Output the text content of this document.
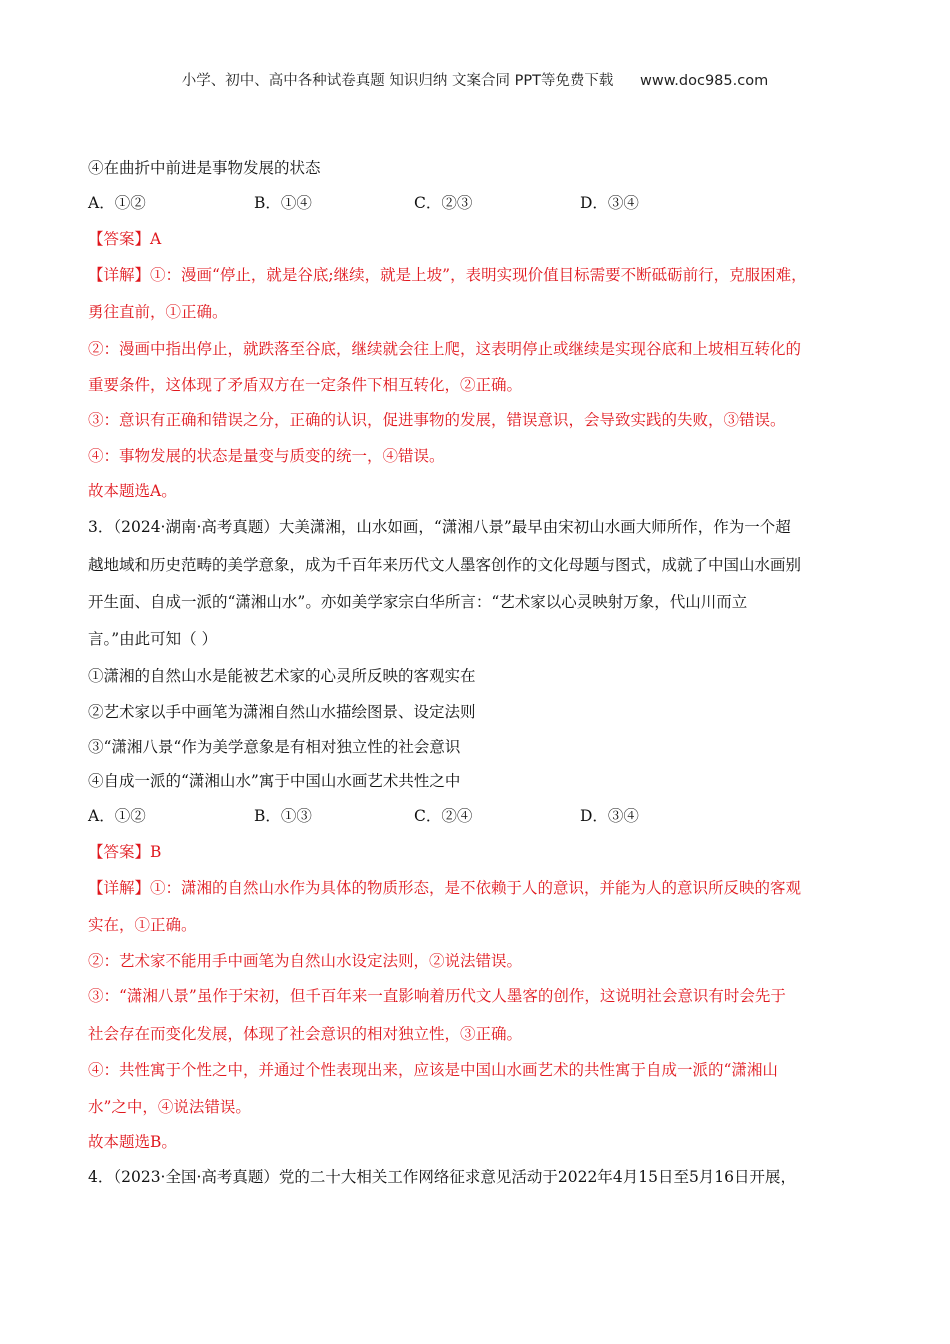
小学、初中、高中各种试卷真题 知识归纳 文案合同 PPT等免费下载 www.doc985.com
④在曲折中前进是事物发展的状态
A．①②	B．①④	C．②③	D．③④
【答案】A
【详解】①：漫画“停止，就是谷底;继续，就是上坡”，表明实现价值目标需要不断砥砺前行，克服困难，
勇往直前，①正确。
②：漫画中指出停止，就跌落至谷底，继续就会往上爬，这表明停止或继续是实现谷底和上坡相互转化的
重要条件，这体现了矛盾双方在一定条件下相互转化，②正确。
③：意识有正确和错误之分，正确的认识，促进事物的发展，错误意识，会导致实践的失败，③错误。
④：事物发展的状态是量变与质变的统一，④错误。
故本题选A。
3．（2024·湖南·高考真题）大美潇湘，山水如画，“潇湘八景”最早由宋初山水画大师所作，作为一个超
越地域和历史范畴的美学意象，成为千百年来历代文人墨客创作的文化母题与图式，成就了中国山水画别
开生面、自成一派的“潇湘山水”。亦如美学家宗白华所言：“艺术家以心灵映射万象，代山川而立
言。”由此可知（ ）
①潇湘的自然山水是能被艺术家的心灵所反映的客观实在
②艺术家以手中画笔为潇湘自然山水描绘图景、设定法则
③“潇湘八景“作为美学意象是有相对独立性的社会意识
④自成一派的“潇湘山水”寓于中国山水画艺术共性之中
A．①②	B．①③	C．②④	D．③④
【答案】B
【详解】①：潇湘的自然山水作为具体的物质形态，是不依赖于人的意识，并能为人的意识所反映的客观
实在，①正确。
②：艺术家不能用手中画笔为自然山水设定法则，②说法错误。
③：“潇湘八景”虽作于宋初，但千百年来一直影响着历代文人墨客的创作，这说明社会意识有时会先于
社会存在而变化发展，体现了社会意识的相对独立性，③正确。
④：共性寓于个性之中，并通过个性表现出来，应该是中国山水画艺术的共性寓于自成一派的“潇湘山
水”之中，④说法错误。
故本题选B。
4．（2023·全国·高考真题）党的二十大相关工作网络征求意见活动于2022年4月15日至5月16日开展，
